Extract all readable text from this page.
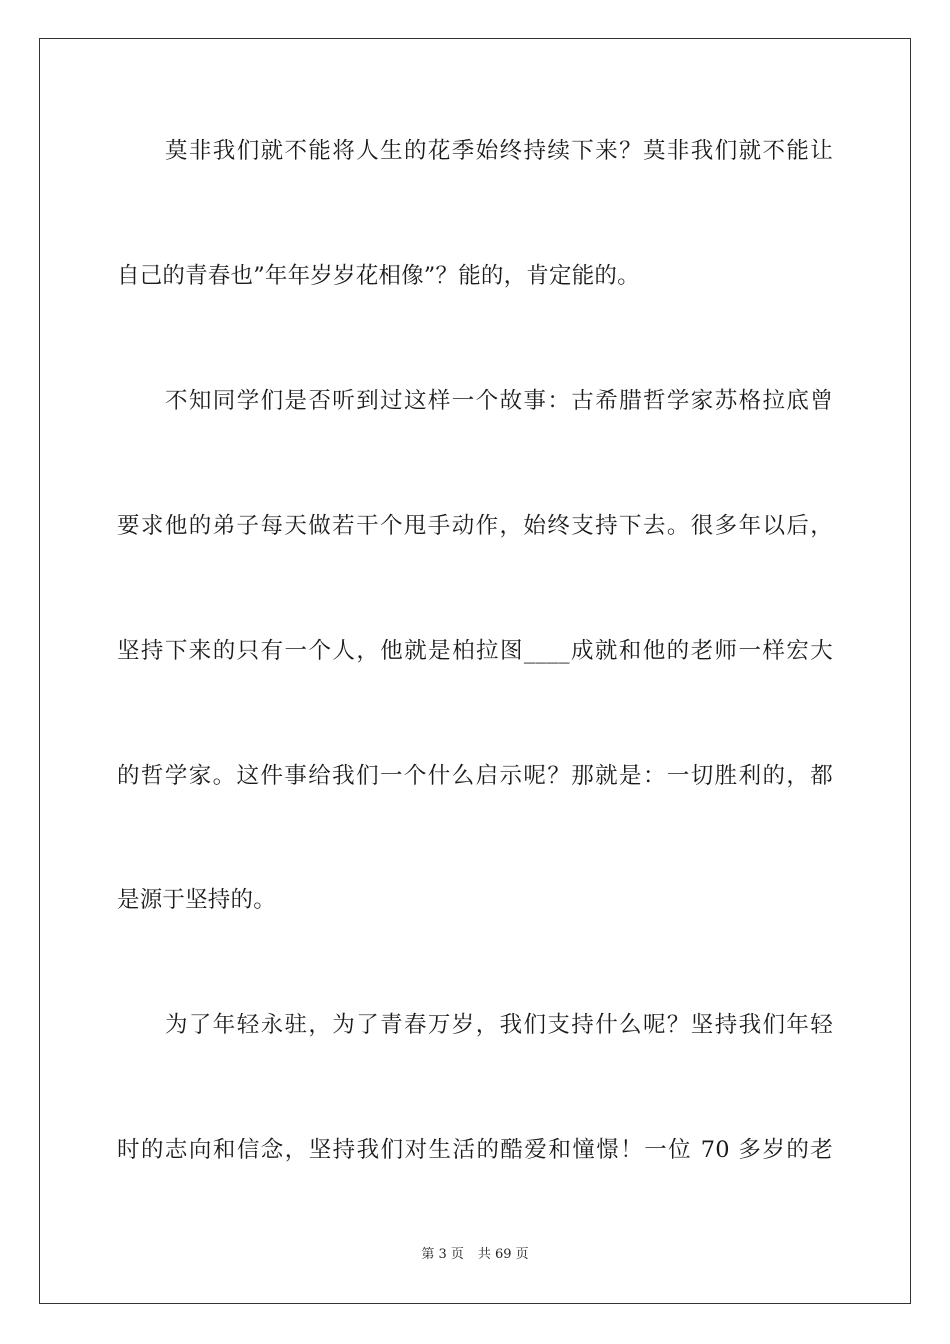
莫非我们就不能将人生的花季始终持续下来？莫非我们就不能让
自己的青春也”年年岁岁花相像”？能的，肯定能的。
不知同学们是否听到过这样一个故事：古希腊哲学家苏格拉底曾
要求他的弟子每天做若干个甩手动作，始终支持下去。很多年以后，
坚持下来的只有一个人，他就是柏拉图____成就和他的老师一样宏大
的哲学家。这件事给我们一个什么启示呢？那就是：一切胜利的，都
是源于坚持的。
为了年轻永驻，为了青春万岁，我们支持什么呢？坚持我们年轻
时的志向和信念，坚持我们对生活的酷爱和憧憬！一位 70 多岁的老
第 3 页 共 69 页
